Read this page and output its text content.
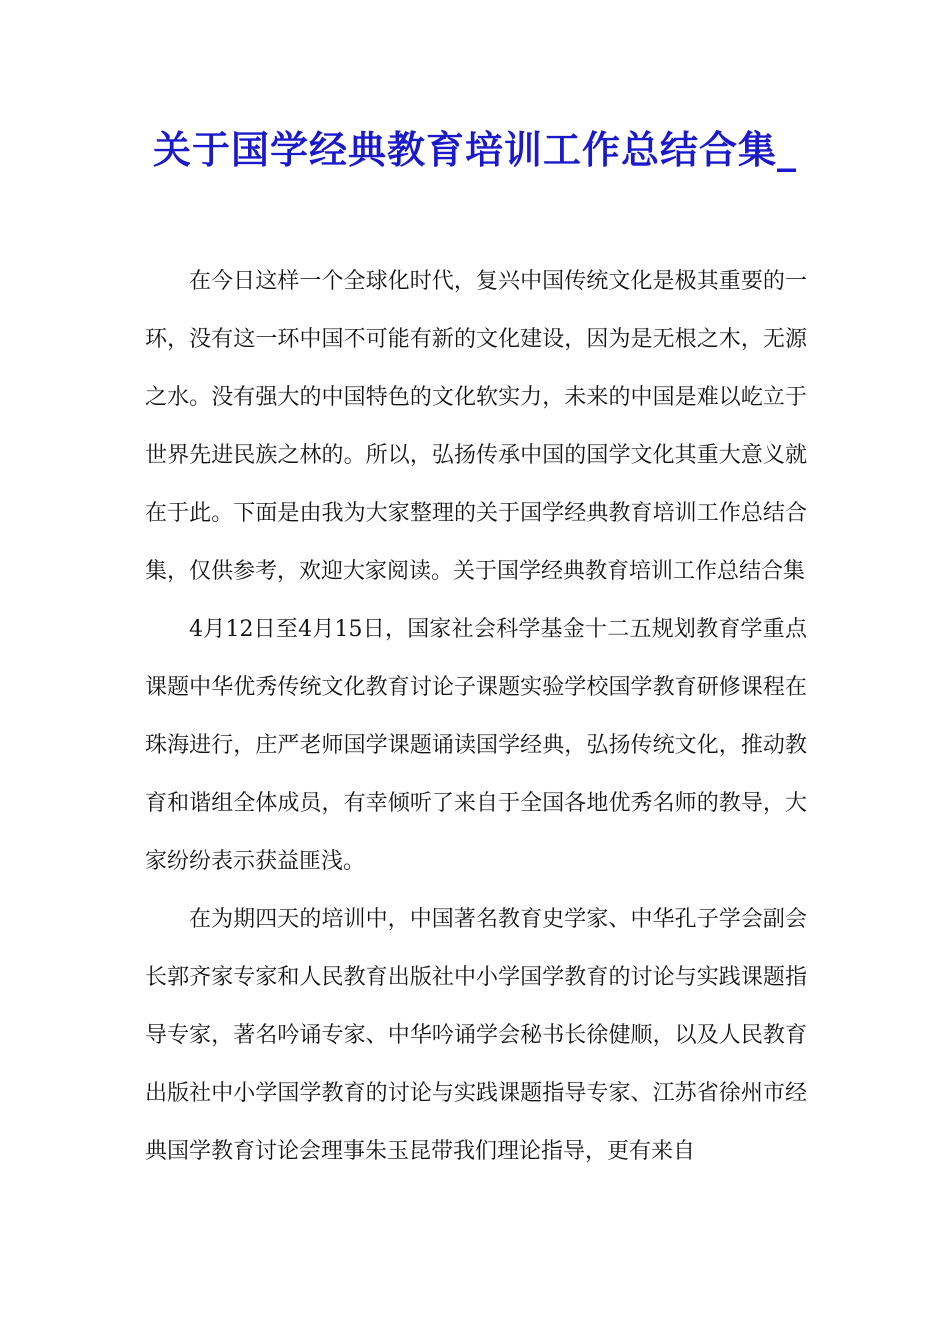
关于国学经典教育培训工作总结合集_

在今日这样一个全球化时代，复兴中国传统文化是极其重要的一环，没有这一环中国不可能有新的文化建设，因为是无根之木，无源之水。没有强大的中国特色的文化软实力，未来的中国是难以屹立于世界先进民族之林的。所以，弘扬传承中国的国学文化其重大意义就在于此。下面是由我为大家整理的关于国学经典教育培训工作总结合集，仅供参考，欢迎大家阅读。关于国学经典教育培训工作总结合集

4月12日至4月15日，国家社会科学基金十二五规划教育学重点课题中华优秀传统文化教育讨论子课题实验学校国学教育研修课程在珠海进行，庄严老师国学课题诵读国学经典，弘扬传统文化，推动教育和谐组全体成员，有幸倾听了来自于全国各地优秀名师的教导，大家纷纷表示获益匪浅。

在为期四天的培训中，中国著名教育史学家、中华孔子学会副会长郭齐家专家和人民教育出版社中小学国学教育的讨论与实践课题指导专家，著名吟诵专家、中华吟诵学会秘书长徐健顺，以及人民教育出版社中小学国学教育的讨论与实践课题指导专家、江苏省徐州市经典国学教育讨论会理事朱玉昆带我们理论指导，更有来自
